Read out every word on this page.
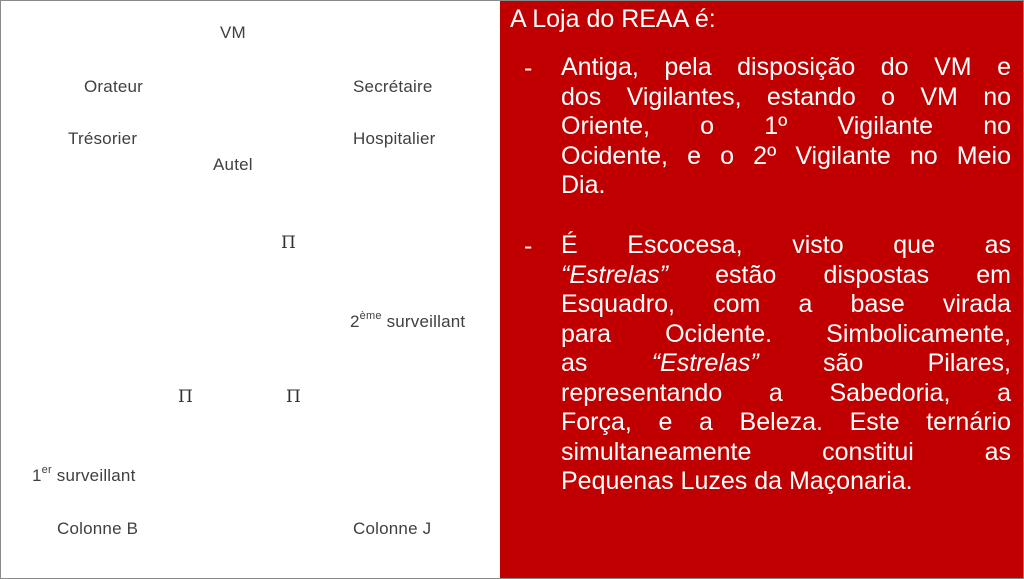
VM
Orateur	Secrétaire
Trésorier	Hospitalier
Autel
Π
2ème surveillant
Π	Π
1er surveillant
Colonne B	Colonne J
A Loja do REAA é:
- Antiga, pela disposição do VM e
dos Vigilantes, estando o VM no
Oriente, o 1º Vigilante no
Ocidente, e o 2º Vigilante no Meio
Dia.
- É Escocesa, visto que as
“Estrelas” estão dispostas em
Esquadro, com a base virada
para Ocidente. Simbolicamente,
as	“Estrelas”	são Pilares,
representando a Sabedoria, a
Força, e a Beleza. Este ternário
simultaneamente constitui as
Pequenas Luzes da Maçonaria.
